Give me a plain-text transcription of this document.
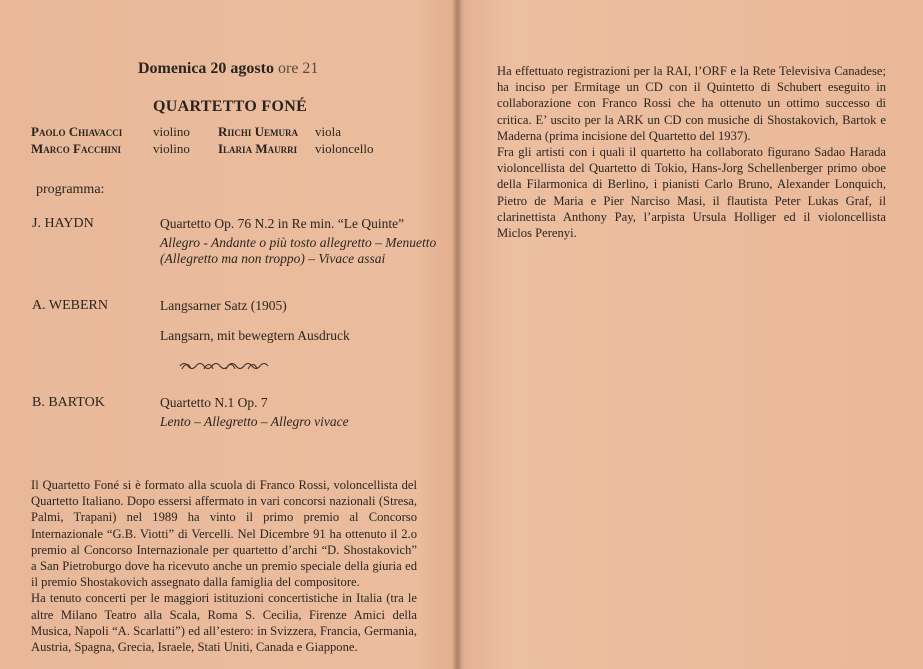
Domenica 20 agosto ore 21
QUARTETTO FONÉ
Paolo Chiavacci violino Riichi Uemura viola
Marco Facchini violino Ilaria Maurri violoncello
programma:
J. HAYDN	Quartetto Op. 76 N.2 in Re min. “Le Quinte”
Allegro - Andante o più tosto allegretto – Menuetto (Allegretto ma non troppo) – Vivace assai
A. WEBERN	Langsarner Satz (1905)
Langsarn, mit bewegtern Ausdruck
B. BARTOK	Quartetto N.1 Op. 7
Lento – Allegretto – Allegro vivace

Il Quartetto Foné si è formato alla scuola di Franco Rossi, voloncellista del Quartetto Italiano. Dopo essersi affermato in vari concorsi nazionali (Stresa, Palmi, Trapani) nel 1989 ha vinto il primo premio al Concorso Internazionale “G.B. Viotti” di Vercelli. Nel Dicembre 91 ha ottenuto il 2.o premio al Concorso Internazionale per quartetto d’archi “D. Shostakovich” a San Pietroburgo dove ha ricevuto anche un premio speciale della giuria ed il premio Shostakovich assegnato dalla famiglia del compositore.

Ha tenuto concerti per le maggiori istituzioni concertistiche in Italia (tra le altre Milano Teatro alla Scala, Roma S. Cecilia, Firenze Amici della Musica, Napoli “A. Scarlatti”) ed all’estero: in Svizzera, Francia, Germania, Austria, Spagna, Grecia, Israele, Stati Uniti, Canada e Giappone.

Ha effettuato registrazioni per la RAI, l’ORF e la Rete Televisiva Canadese; ha inciso per Ermitage un CD con il Quintetto di Schubert eseguito in collaborazione con Franco Rossi che ha ottenuto un ottimo successo di critica. E’ uscito per la ARK un CD con musiche di Shostakovich, Bartok e Maderna (prima incisione del Quartetto del 1937).

Fra gli artisti con i quali il quartetto ha collaborato figurano Sadao Harada violoncellista del Quartetto di Tokio, Hans-Jorg Schellenberger primo oboe della Filarmonica di Berlino, i pianisti Carlo Bruno, Alexander Lonquich, Pietro de Maria e Pier Narciso Masi, il flautista Peter Lukas Graf, il clarinettista Anthony Pay, l’arpista Ursula Holliger ed il violoncellista Miclos Perenyi.
